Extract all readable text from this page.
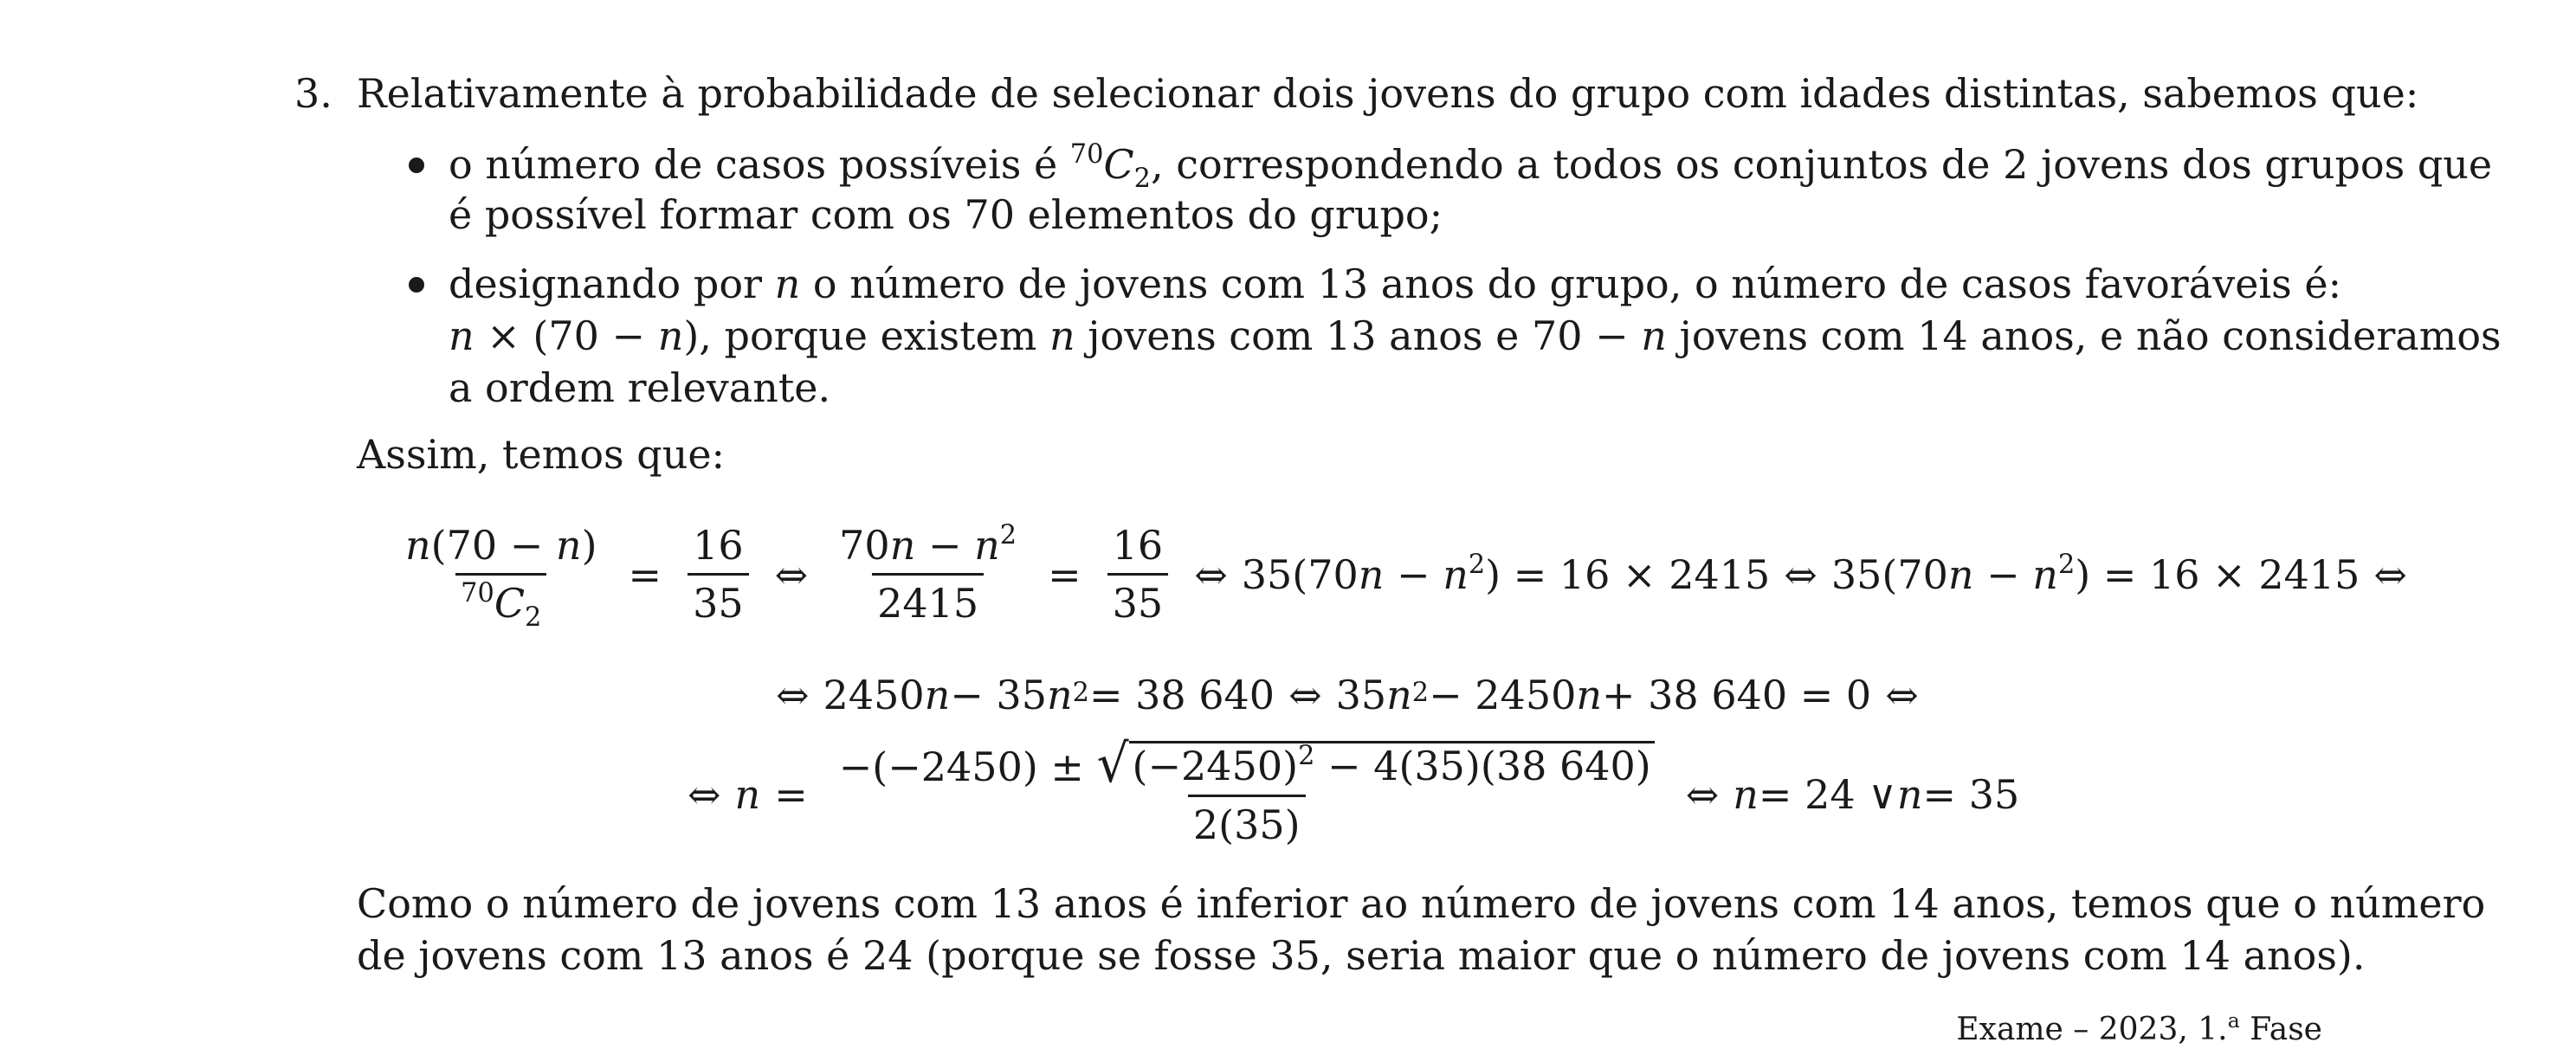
3. Relativamente à probabilidade de selecionar dois jovens do grupo com idades distintas, sabemos que:
o número de casos possíveis é $^{70}C_2$, correspondendo a todos os conjuntos de 2 jovens dos grupos que
é possível formar com os 70 elementos do grupo;
designando por n o número de jovens com 13 anos do grupo, o número de casos favoráveis é:
n × (70 − n), porque existem n jovens com 13 anos e 70 − n jovens com 14 anos, e não consideramos
a ordem relevante.
Assim, temos que:
$\frac{n(70 - n)}{^{70}C_2} = \frac{16}{35}$ ⇔ $\frac{70n - n^2}{2415} = \frac{16}{35}$ ⇔ $35(70n - n^2) = 16 \times 2415$ ⇔ $35(70n - n^2) = 16 \times 2415$ ⇔
⇔ 2450 n − 35 $n^2 = 38$ 640 ⇔ 35 $n^2 - 2450$ n + 38 640 = 0 ⇔
⇔ $n = \frac{-(-2450) \pm √ (-2450)^2 - 4(35)(38 640)}{2(35)}$ ⇔ n = 24 ∨ n = 35
Como o número de jovens com 13 anos é inferior ao número de jovens com 14 anos, temos que o número
de jovens com 13 anos é 24 (porque se fosse 35, seria maior que o número de jovens com 14 anos).
Exame – 2023, 1.$^a$ Fase
